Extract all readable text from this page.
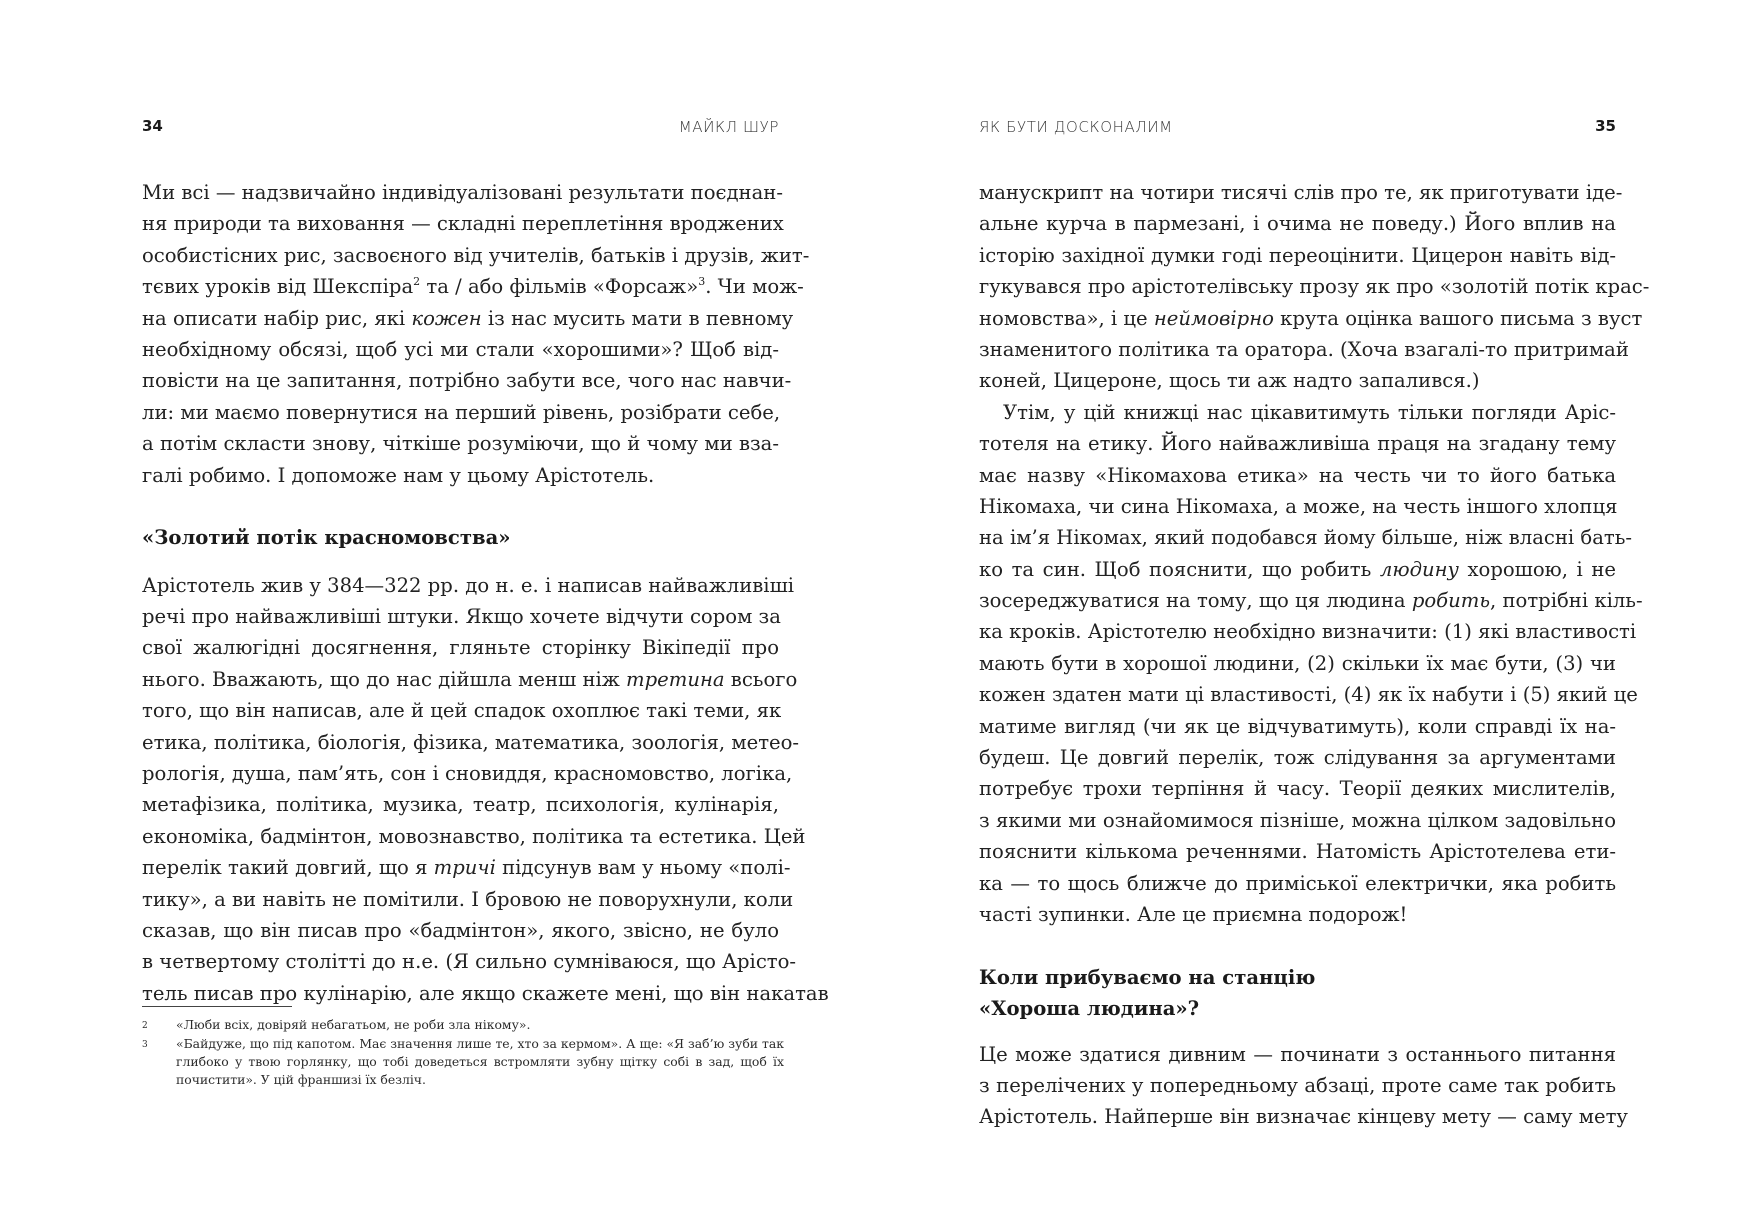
34	МАЙКЛ ШУР
Ми всі — надзвичайно індивідуалізовані результати поєднан-
ня природи та виховання — складні переплетіння вроджених
особистісних рис, засвоєного від учителів, батьків і друзів, жит-
тєвих уроків від Шекспіра$^2$ та / або фільмів «Форсаж»$^3$. Чи мож-
на описати набір рис, які кожен із нас мусить мати в певному
необхідному обсязі, щоб усі ми стали «хорошими»? Щоб від-
повісти на це запитання, потрібно забути все, чого нас навчи-
ли: ми маємо повернутися на перший рівень, розібрати себе,
а потім скласти знову, чіткіше розуміючи, що й чому ми вза-
галі робимо. І допоможе нам у цьому Арістотель.
«Золотий потік красномовства»
Арістотель жив у 384—322 рр. до н. е. і написав найважливіші
речі про найважливіші штуки. Якщо хочете відчути сором за
свої жалюгідні досягнення, гляньте сторінку Вікіпедії про
нього. Вважають, що до нас дійшла менш ніж третина всього
того, що він написав, але й цей спадок охоплює такі теми, як
етика, політика, біологія, фізика, математика, зоологія, метео-
рологія, душа, пам’ять, сон і сновиддя, красномовство, логіка,
метафізика, політика, музика, театр, психологія, кулінарія,
економіка, бадмінтон, мовознавство, політика та естетика. Цей
перелік такий довгий, що я тричі підсунув вам у ньому «полі-
тику», а ви навіть не помітили. І бровою не поворухнули, коли
сказав, що він писав про «бадмінтон», якого, звісно, не було
в четвертому столітті до н.е. (Я сильно сумніваюся, що Арісто-
тель писав про кулінарію, але якщо скажете мені, що він накатав
2	«Люби всіх, довіряй небагатьом, не роби зла нікому».
3	«Байдуже, що під капотом. Має значення лише те, хто за кермом». А ще: «Я заб’ю зуби так
глибоко у твою горлянку, що тобі доведеться встромляти зубну щітку собі в зад, щоб їх
почистити». У цій франшизі їх безліч.
ЯК БУТИ ДОСКОНАЛИМ	35
манускрипт на чотири тисячі слів про те, як приготувати іде-
альне курча в пармезані, і очима не поведу.) Його вплив на
історію західної думки годі переоцінити. Цицерон навіть від-
гукувався про арістотелівську прозу як про «золотій потік крас-
номовства», і це неймовірно крута оцінка вашого письма з вуст
знаменитого політика та оратора. (Хоча взагалі-то притримай
коней, Цицероне, щось ти аж надто запалився.)
Утім, у цій книжці нас цікавитимуть тільки погляди Аріс-
тотеля на етику. Його найважливіша праця на згадану тему
має назву «Нікомахова етика» на честь чи то його батька
Нікомаха, чи сина Нікомаха, а може, на честь іншого хлопця
на ім’я Нікомах, який подобався йому більше, ніж власні бать-
ко та син. Щоб пояснити, що робить людину хорошою, і не
зосереджуватися на тому, що ця людина робить, потрібні кіль-
ка кроків. Арістотелю необхідно визначити: (1) які властивості
мають бути в хорошої людини, (2) скільки їх має бути, (3) чи
кожен здатен мати ці властивості, (4) як їх набути і (5) який це
матиме вигляд (чи як це відчуватимуть), коли справді їх на-
будеш. Це довгий перелік, тож слідування за аргументами
потребує трохи терпіння й часу. Теорії деяких мислителів,
з якими ми ознайомимося пізніше, можна цілком задовільно
пояснити кількома реченнями. Натомість Арістотелева ети-
ка — то щось ближче до приміської електрички, яка робить
часті зупинки. Але це приємна подорож!
Коли прибуваємо на станцію
«Хороша людина»?
Це може здатися дивним — починати з останнього питання
з перелічених у попередньому абзаці, проте саме так робить
Арістотель. Найперше він визначає кінцеву мету — саму мету
